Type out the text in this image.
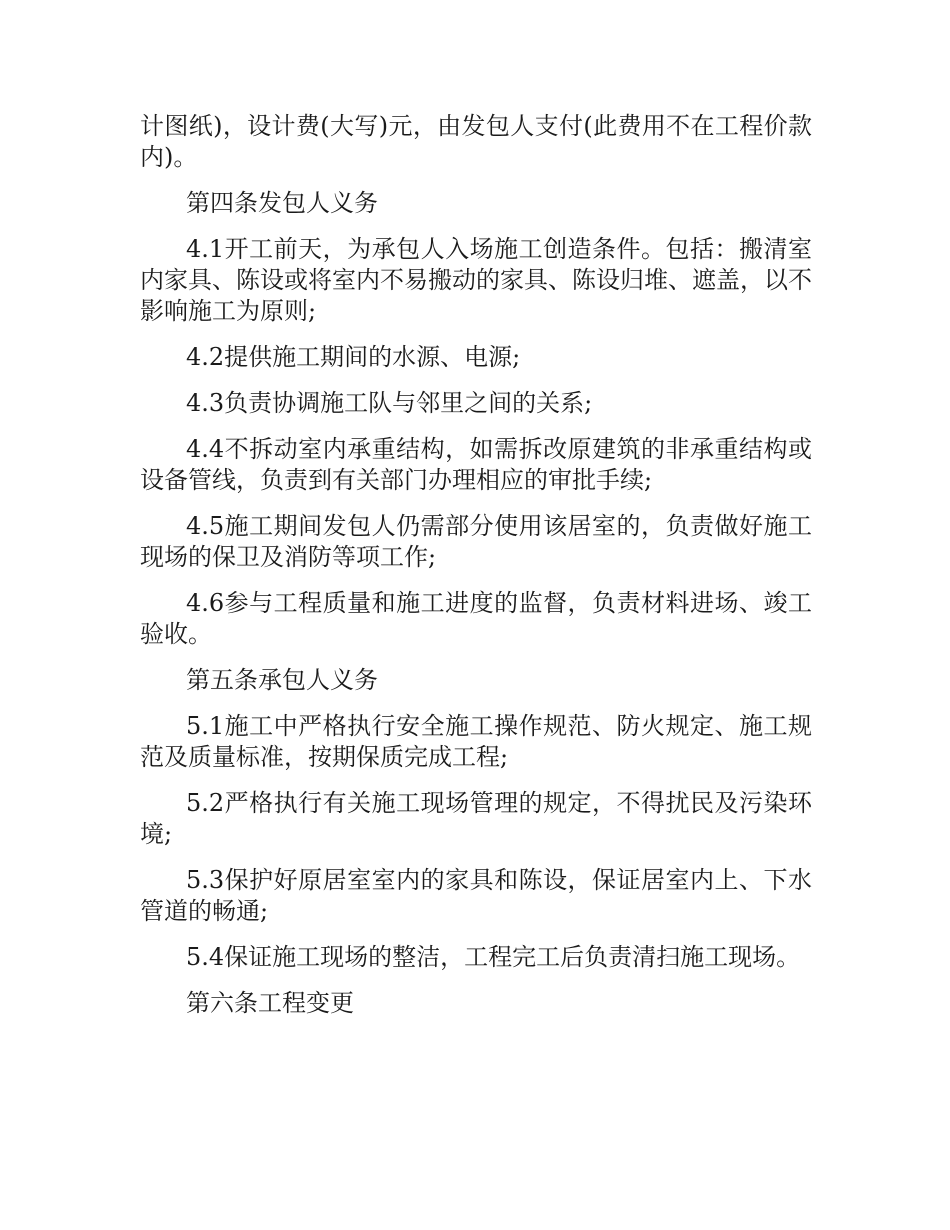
计图纸)，设计费(大写)元，由发包人支付(此费用不在工程价款内)。

第四条发包人义务

4.1开工前天，为承包人入场施工创造条件。包括：搬清室内家具、陈设或将室内不易搬动的家具、陈设归堆、遮盖，以不影响施工为原则;

4.2提供施工期间的水源、电源;

4.3负责协调施工队与邻里之间的关系;

4.4不拆动室内承重结构，如需拆改原建筑的非承重结构或设备管线，负责到有关部门办理相应的审批手续;

4.5施工期间发包人仍需部分使用该居室的，负责做好施工现场的保卫及消防等项工作;

4.6参与工程质量和施工进度的监督，负责材料进场、竣工验收。

第五条承包人义务

5.1施工中严格执行安全施工操作规范、防火规定、施工规范及质量标准，按期保质完成工程;

5.2严格执行有关施工现场管理的规定，不得扰民及污染环境;

5.3保护好原居室室内的家具和陈设，保证居室内上、下水管道的畅通;

5.4保证施工现场的整洁，工程完工后负责清扫施工现场。

第六条工程变更
